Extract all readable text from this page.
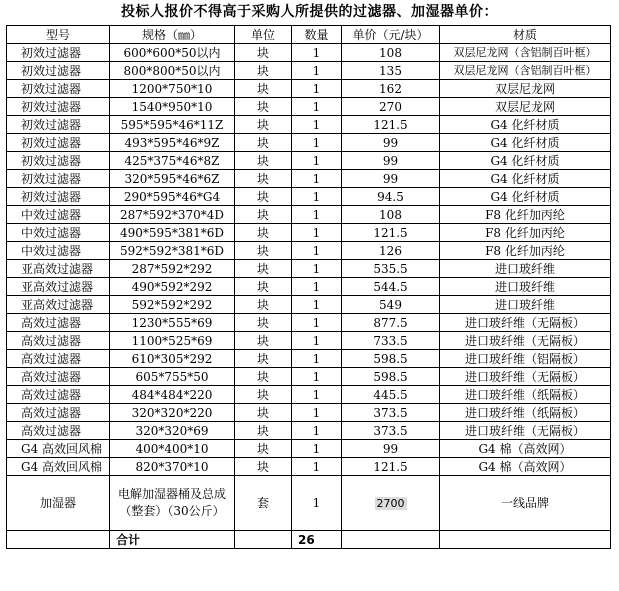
投标人报价不得高于采购人所提供的过滤器、加湿器单价：
型号	规格（㎜）	单位	数量	单价（元/块）	材质
初效过滤器	600*600*50以内	块	1	108	双层尼龙网（含铝制百叶框）
初效过滤器	800*800*50以内	块	1	135	双层尼龙网（含铝制百叶框）
初效过滤器	1200*750*10	块	1	162	双层尼龙网
初效过滤器	1540*950*10	块	1	270	双层尼龙网
初效过滤器	595*595*46*11Z	块	1	121.5	G4 化纤材质
初效过滤器	493*595*46*9Z	块	1	99	G4 化纤材质
初效过滤器	425*375*46*8Z	块	1	99	G4 化纤材质
初效过滤器	320*595*46*6Z	块	1	99	G4 化纤材质
初效过滤器	290*595*46*G4	块	1	94.5	G4 化纤材质
中效过滤器	287*592*370*4D	块	1	108	F8 化纤加丙纶
中效过滤器	490*595*381*6D	块	1	121.5	F8 化纤加丙纶
中效过滤器	592*592*381*6D	块	1	126	F8 化纤加丙纶
亚高效过滤器	287*592*292	块	1	535.5	进口玻纤维
亚高效过滤器	490*592*292	块	1	544.5	进口玻纤维
亚高效过滤器	592*592*292	块	1	549	进口玻纤维
高效过滤器	1230*555*69	块	1	877.5	进口玻纤维（无隔板）
高效过滤器	1100*525*69	块	1	733.5	进口玻纤维（无隔板）
高效过滤器	610*305*292	块	1	598.5	进口玻纤维（铝隔板）
高效过滤器	605*755*50	块	1	598.5	进口玻纤维（无隔板）
高效过滤器	484*484*220	块	1	445.5	进口玻纤维（纸隔板）
高效过滤器	320*320*220	块	1	373.5	进口玻纤维（纸隔板）
高效过滤器	320*320*69	块	1	373.5	进口玻纤维（无隔板）
G4 高效回风棉	400*400*10	块	1	99	G4 棉（高效网）
G4 高效回风棉	820*370*10	块	1	121.5	G4 棉（高效网）
加湿器	电解加湿器桶及总成（整套）（30公斤）	套	1	2700	一线品牌
	合计		26		
